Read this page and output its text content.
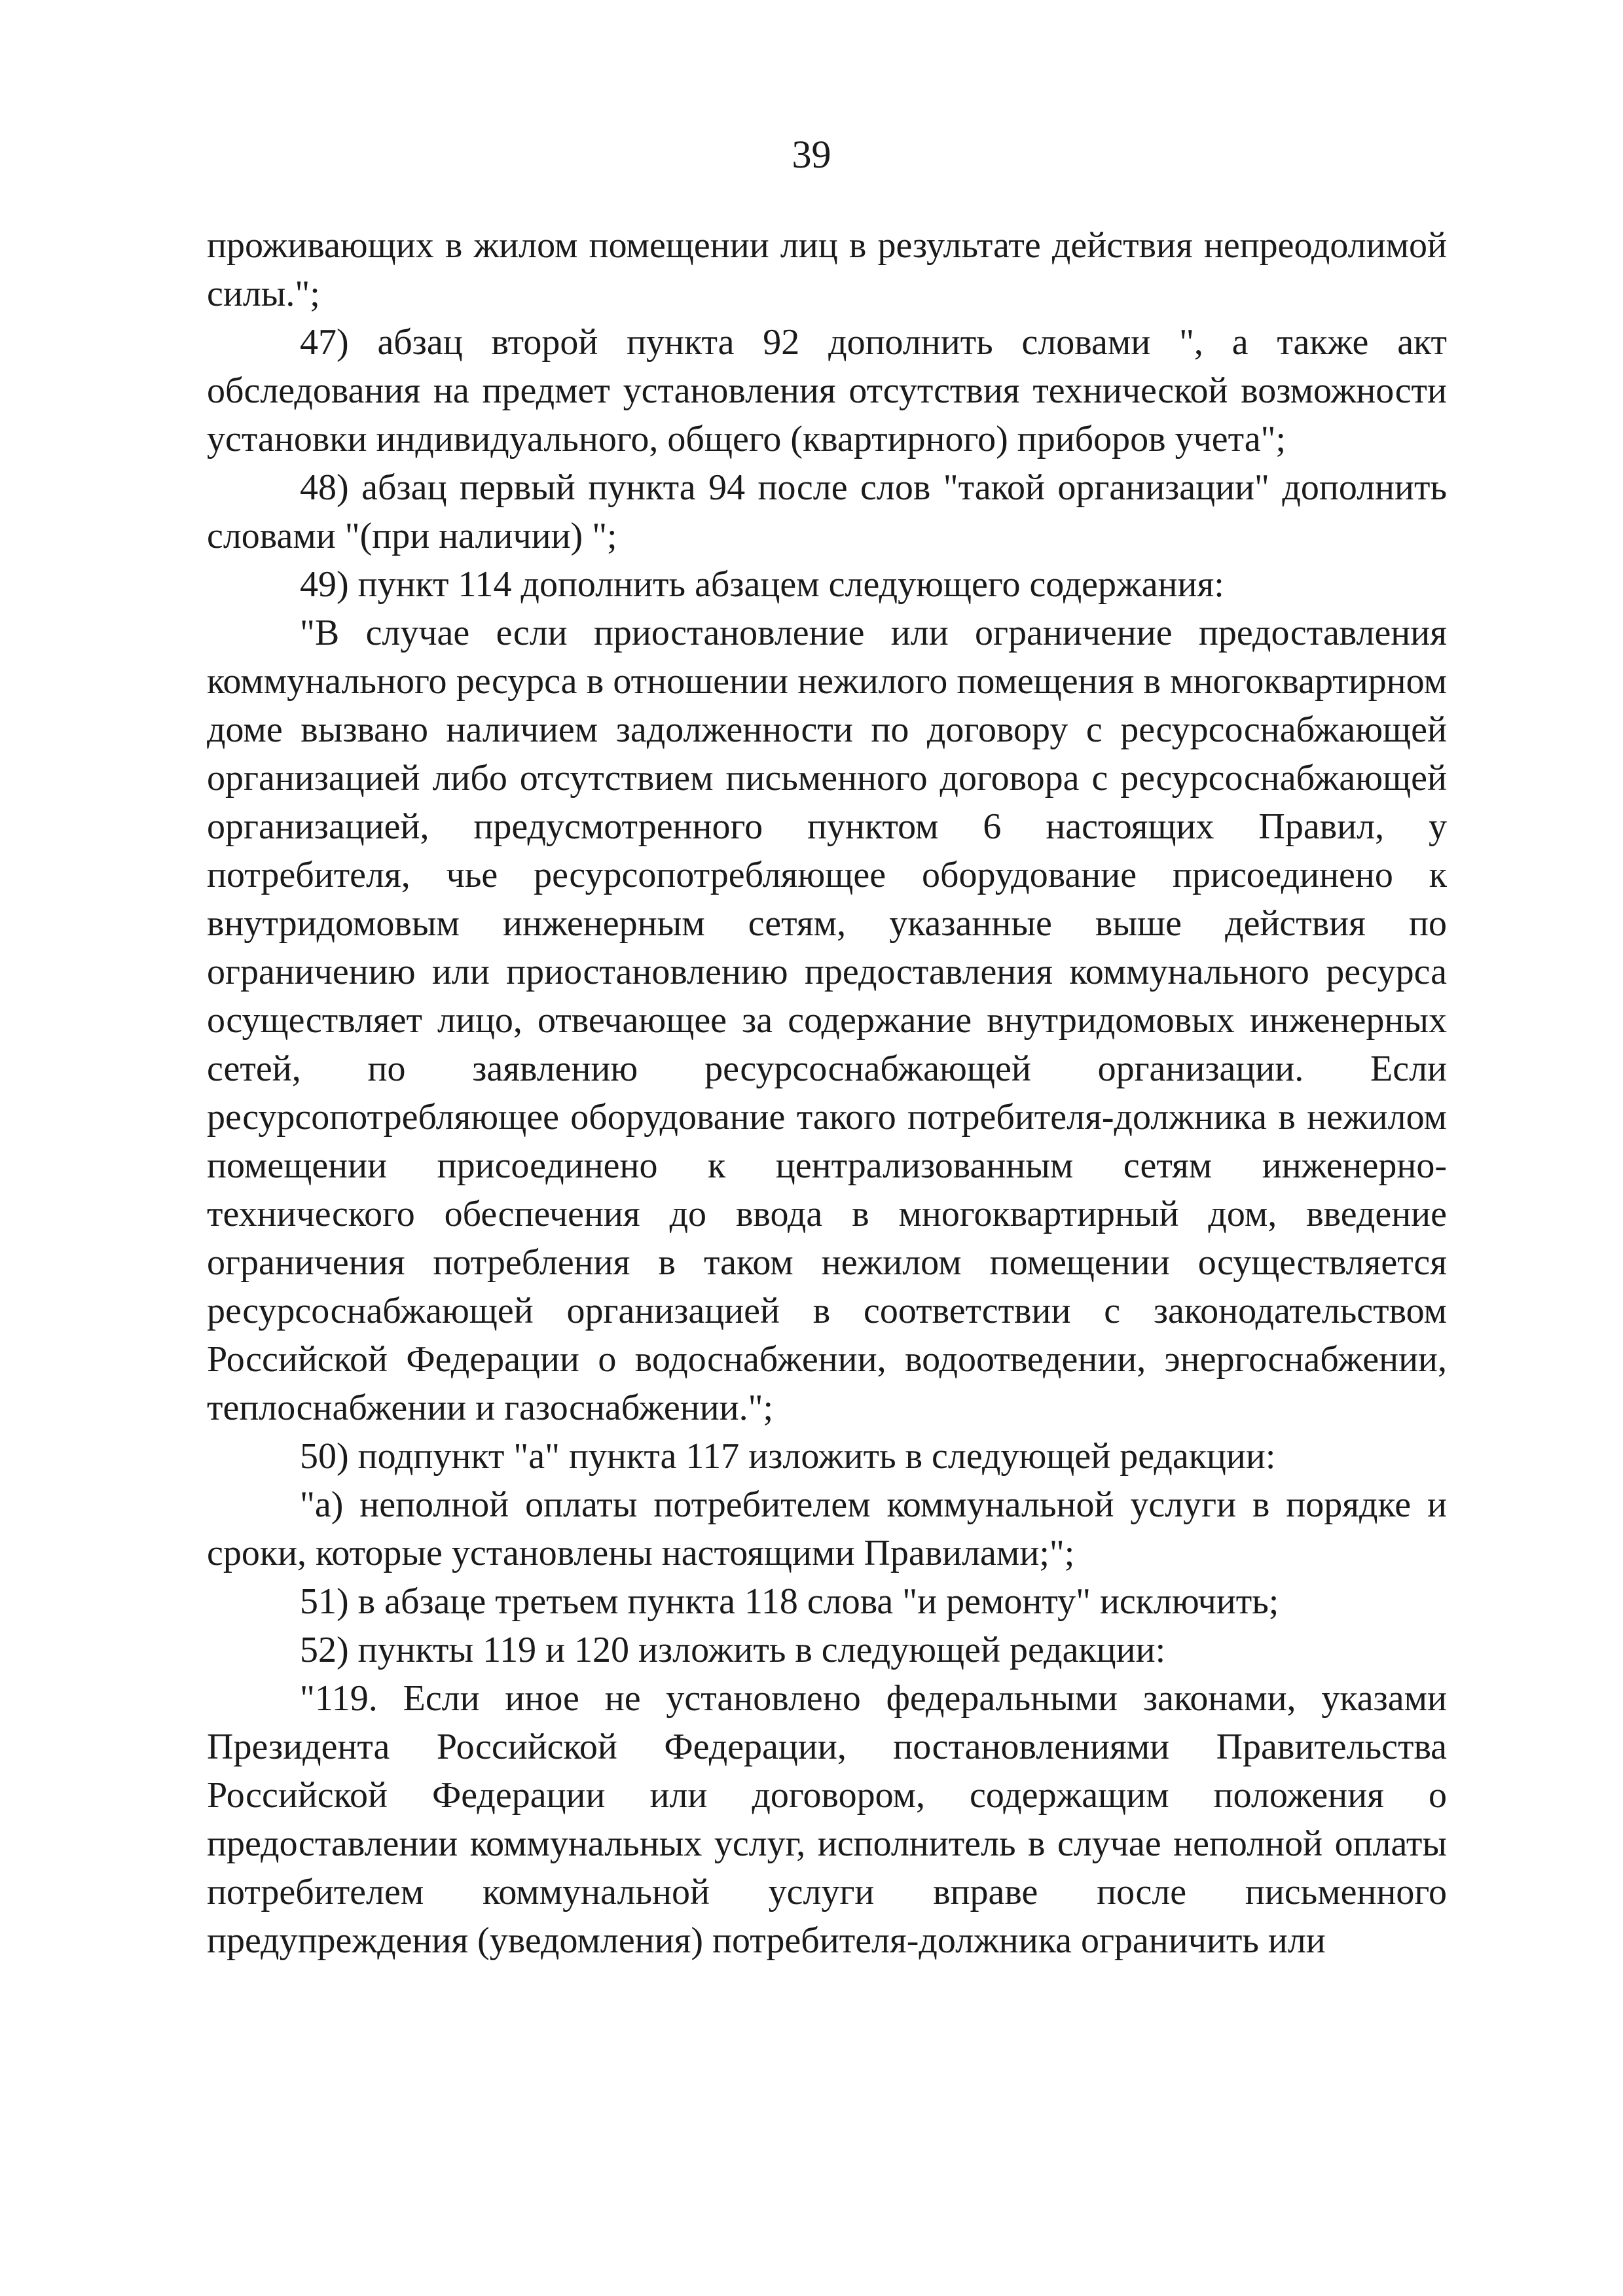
39

проживающих в жилом помещении лиц в результате действия непреодолимой силы.";

47) абзац второй пункта 92 дополнить словами ", а также акт обследования на предмет установления отсутствия технической возможности установки индивидуального, общего (квартирного) приборов учета";

48) абзац первый пункта 94 после слов "такой организации" дополнить словами "(при наличии) ";

49) пункт 114 дополнить абзацем следующего содержания:

"В случае если приостановление или ограничение предоставления коммунального ресурса в отношении нежилого помещения в многоквартирном доме вызвано наличием задолженности по договору с ресурсоснабжающей организацией либо отсутствием письменного договора с ресурсоснабжающей организацией, предусмотренного пунктом 6 настоящих Правил, у потребителя, чье ресурсопотребляющее оборудование присоединено к внутридомовым инженерным сетям, указанные выше действия по ограничению или приостановлению предоставления коммунального ресурса осуществляет лицо, отвечающее за содержание внутридомовых инженерных сетей, по заявлению ресурсоснабжающей организации. Если ресурсопотребляющее оборудование такого потребителя-должника в нежилом помещении присоединено к централизованным сетям инженерно-технического обеспечения до ввода в многоквартирный дом, введение ограничения потребления в таком нежилом помещении осуществляется ресурсоснабжающей организацией в соответствии с законодательством Российской Федерации о водоснабжении, водоотведении, энергоснабжении, теплоснабжении и газоснабжении.";

50) подпункт "а" пункта 117 изложить в следующей редакции:

"а) неполной оплаты потребителем коммунальной услуги в порядке и сроки, которые установлены настоящими Правилами;";

51) в абзаце третьем пункта 118 слова "и ремонту" исключить;

52) пункты 119 и 120 изложить в следующей редакции:

"119. Если иное не установлено федеральными законами, указами Президента Российской Федерации, постановлениями Правительства Российской Федерации или договором, содержащим положения о предоставлении коммунальных услуг, исполнитель в случае неполной оплаты потребителем коммунальной услуги вправе после письменного предупреждения (уведомления) потребителя-должника ограничить или
